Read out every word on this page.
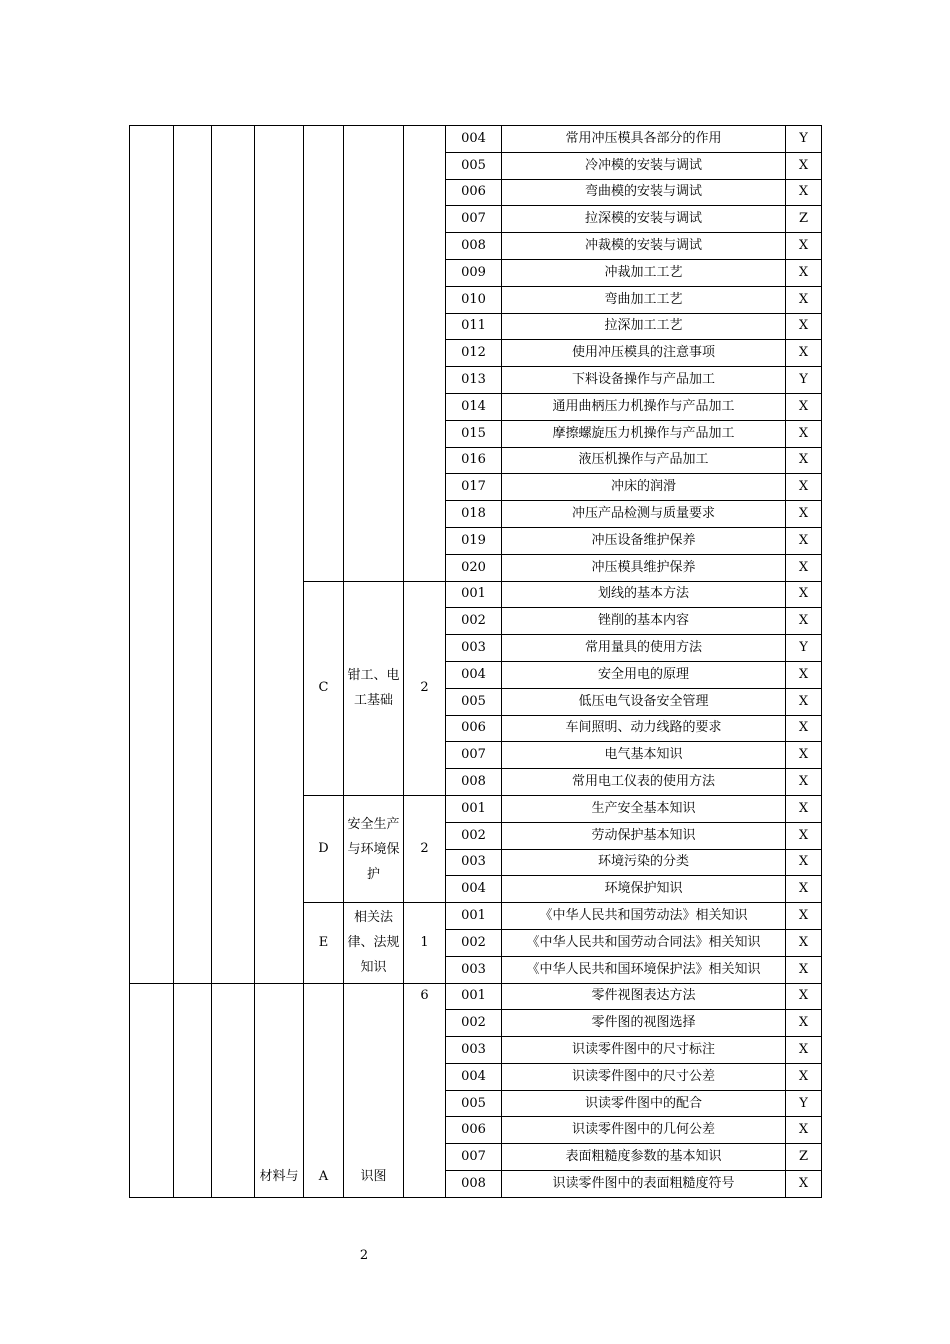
							004	常用冲压模具各部分的作用	Y
							005	冷冲模的安装与调试	X
							006	弯曲模的安装与调试	X
							007	拉深模的安装与调试	Z
							008	冲裁模的安装与调试	X
							009	冲裁加工工艺	X
							010	弯曲加工工艺	X
							011	拉深加工工艺	X
							012	使用冲压模具的注意事项	X
							013	下料设备操作与产品加工	Y
							014	通用曲柄压力机操作与产品加工	X
							015	摩擦螺旋压力机操作与产品加工	X
							016	液压机操作与产品加工	X
							017	冲床的润滑	X
							018	冲压产品检测与质量要求	X
							019	冲压设备维护保养	X
							020	冲压模具维护保养	X
				C	钳工、电工基础	2	001	划线的基本方法	X
							002	锉削的基本内容	X
							003	常用量具的使用方法	Y
							004	安全用电的原理	X
							005	低压电气设备安全管理	X
							006	车间照明、动力线路的要求	X
							007	电气基本知识	X
							008	常用电工仪表的使用方法	X
				D	安全生产与环境保护	2	001	生产安全基本知识	X
							002	劳动保护基本知识	X
							003	环境污染的分类	X
							004	环境保护知识	X
				E	相关法律、法规知识	1	001	《中华人民共和国劳动法》相关知识	X
							002	《中华人民共和国劳动合同法》相关知识	X
							003	《中华人民共和国环境保护法》相关知识	X
			材料与	A	识图	6	001	零件视图表达方法	X
							002	零件图的视图选择	X
							003	识读零件图中的尺寸标注	X
							004	识读零件图中的尺寸公差	X
							005	识读零件图中的配合	Y
							006	识读零件图中的几何公差	X
							007	表面粗糙度参数的基本知识	Z
							008	识读零件图中的表面粗糙度符号	X
2
